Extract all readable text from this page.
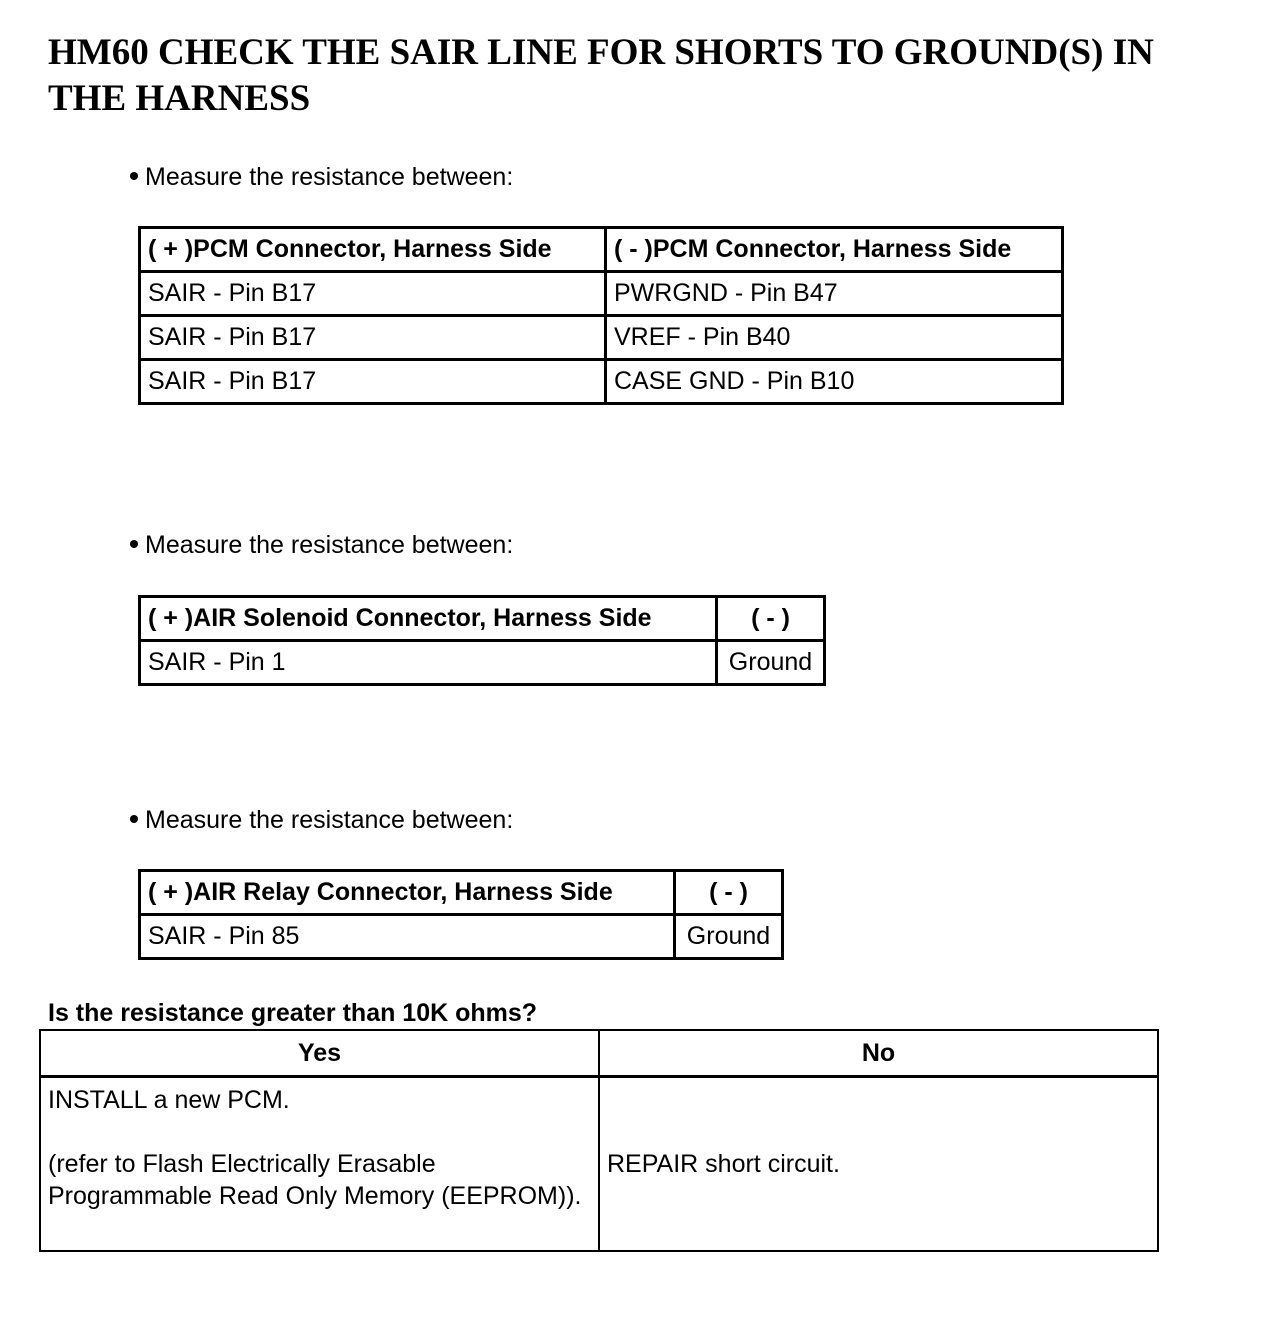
HM60 CHECK THE SAIR LINE FOR SHORTS TO GROUND(S) IN THE HARNESS
Measure the resistance between:
( + )PCM Connector, Harness Side	( - )PCM Connector, Harness Side
SAIR - Pin B17	PWRGND - Pin B47
SAIR - Pin B17	VREF - Pin B40
SAIR - Pin B17	CASE GND - Pin B10
Measure the resistance between:
( + )AIR Solenoid Connector, Harness Side	( - )
SAIR - Pin 1	Ground
Measure the resistance between:
( + )AIR Relay Connector, Harness Side	( - )
SAIR - Pin 85	Ground
Is the resistance greater than 10K ohms?
Yes	No

INSTALL a new PCM.

(refer to Flash Electrically Erasable Programmable Read Only Memory (EEPROM)).	REPAIR short circuit.
